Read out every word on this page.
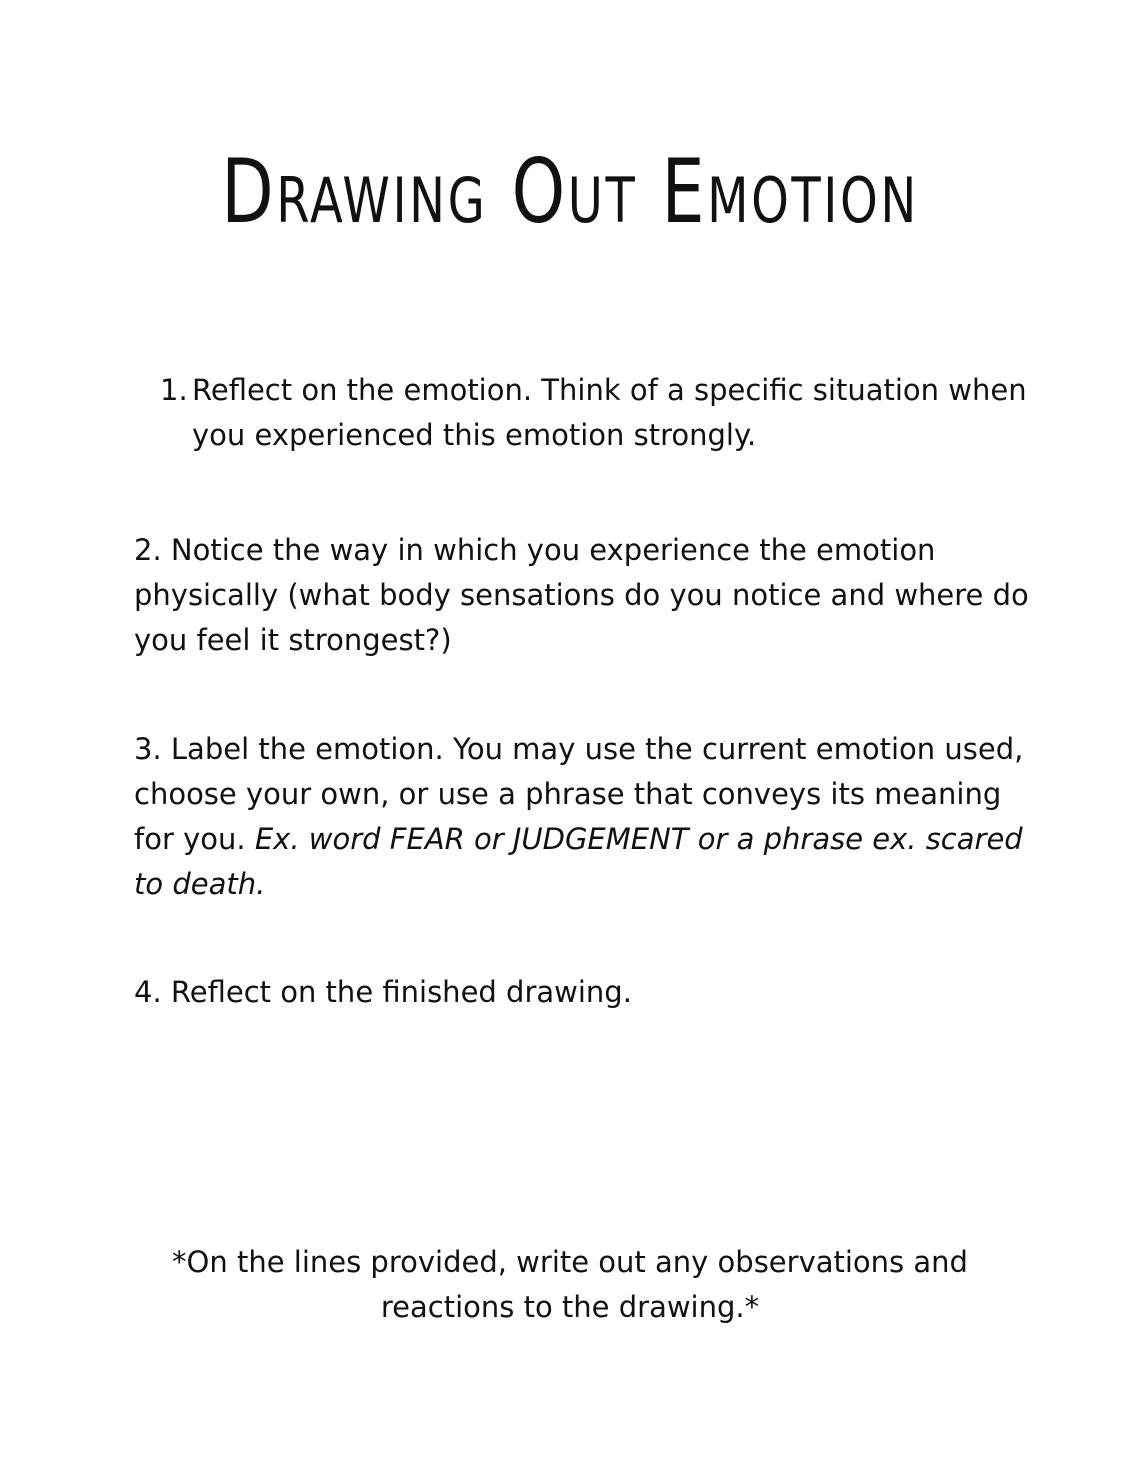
Drawing Out Emotion
1. Reflect on the emotion. Think of a specific situation when you experienced this emotion strongly.

2. Notice the way in which you experience the emotion physically (what body sensations do you notice and where do you feel it strongest?)

3. Label the emotion. You may use the current emotion used, choose your own, or use a phrase that conveys its meaning for you. Ex. word FEAR or JUDGEMENT or a phrase ex. scared to death.

4. Reflect on the finished drawing.

*On the lines provided, write out any observations and reactions to the drawing.*
